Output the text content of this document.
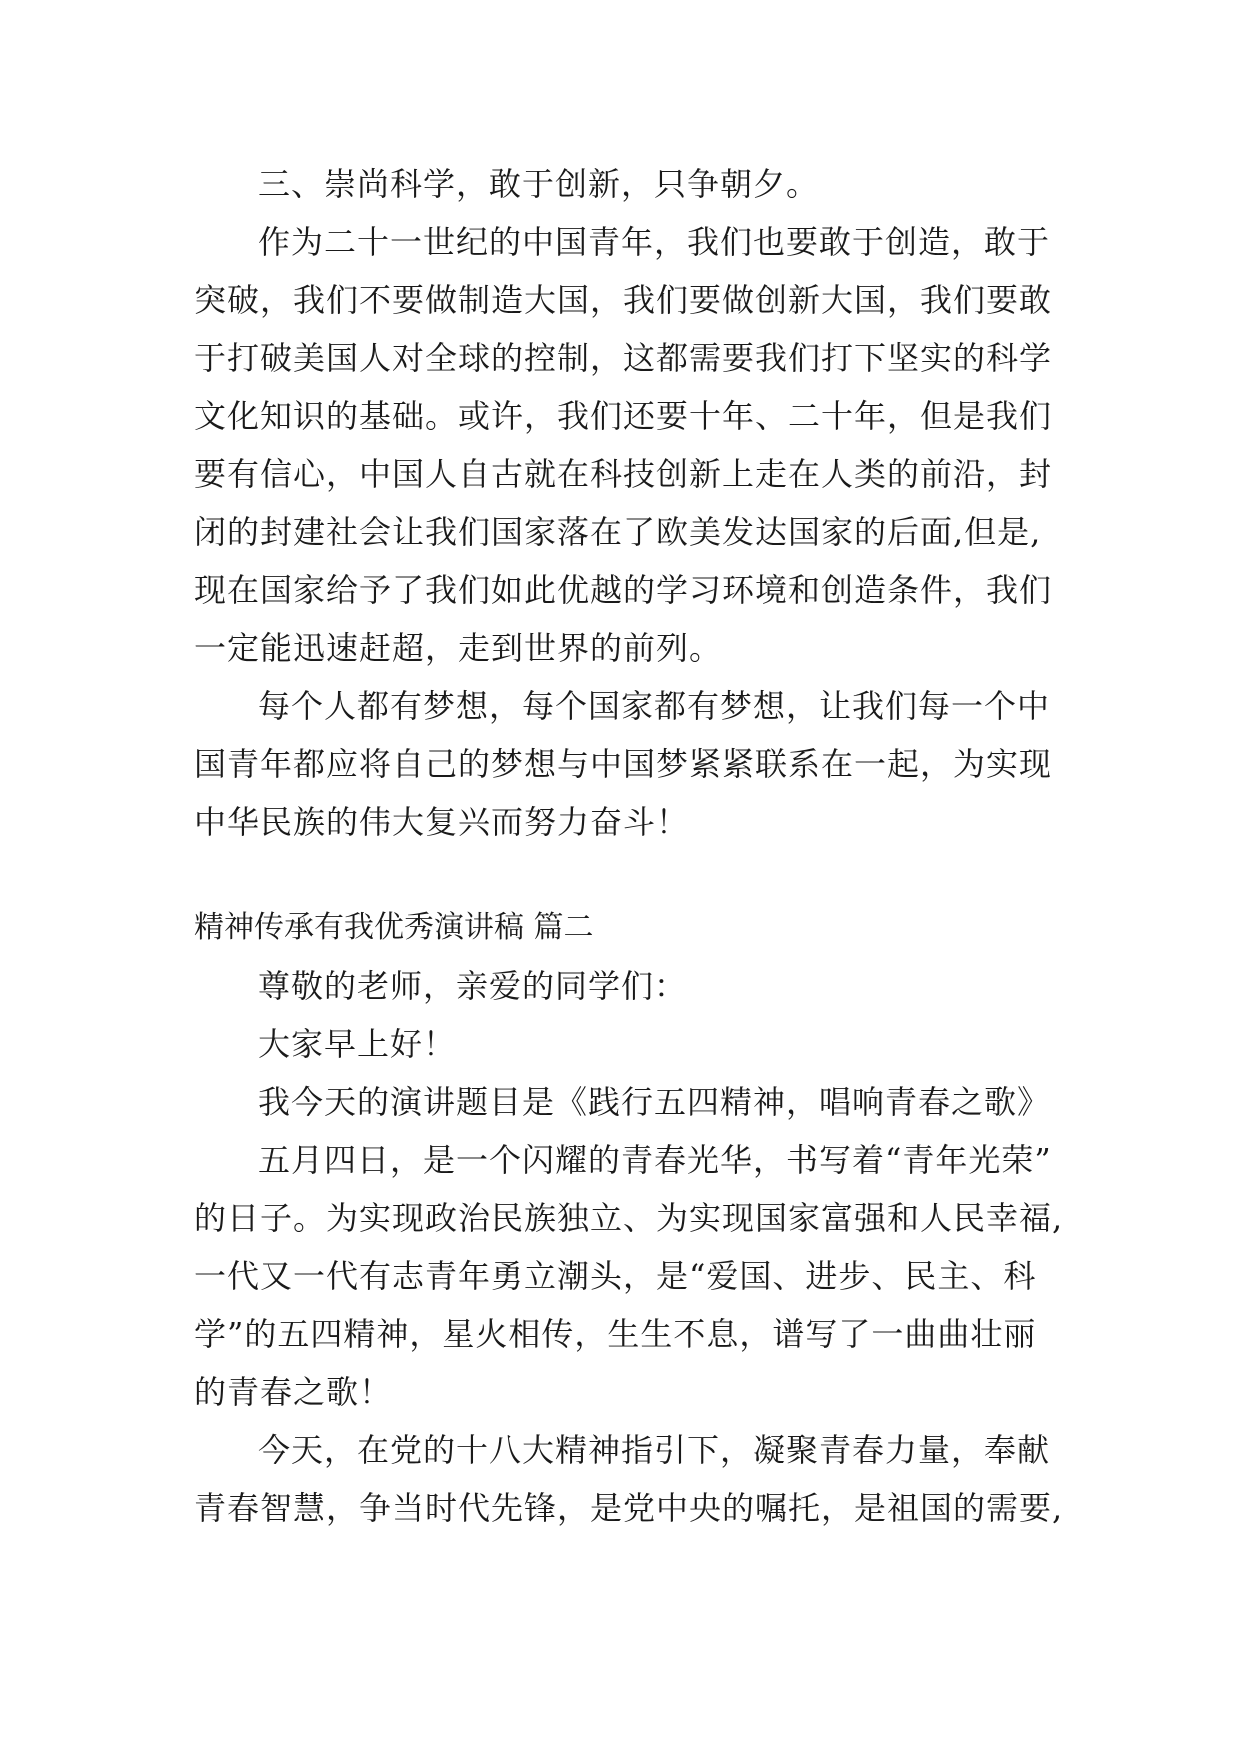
三、崇尚科学，敢于创新，只争朝夕。
作为二十一世纪的中国青年，我们也要敢于创造，敢于
突破，我们不要做制造大国，我们要做创新大国，我们要敢
于打破美国人对全球的控制，这都需要我们打下坚实的科学
文化知识的基础。或许，我们还要十年、二十年，但是我们
要有信心，中国人自古就在科技创新上走在人类的前沿，封
闭的封建社会让我们国家落在了欧美发达国家的后面,但是,
现在国家给予了我们如此优越的学习环境和创造条件，我们
一定能迅速赶超，走到世界的前列。
每个人都有梦想，每个国家都有梦想，让我们每一个中
国青年都应将自己的梦想与中国梦紧紧联系在一起，为实现
中华民族的伟大复兴而努力奋斗！
精神传承有我优秀演讲稿 篇二
尊敬的老师，亲爱的同学们：
大家早上好！
我今天的演讲题目是《践行五四精神，唱响青春之歌》
五月四日，是一个闪耀的青春光华，书写着“青年光荣”
的日子。为实现政治民族独立、为实现国家富强和人民幸福,
一代又一代有志青年勇立潮头，是“爱国、进步、民主、科
学”的五四精神，星火相传，生生不息，谱写了一曲曲壮丽
的青春之歌！
今天，在党的十八大精神指引下，凝聚青春力量，奉献
青春智慧，争当时代先锋，是党中央的嘱托，是祖国的需要,
